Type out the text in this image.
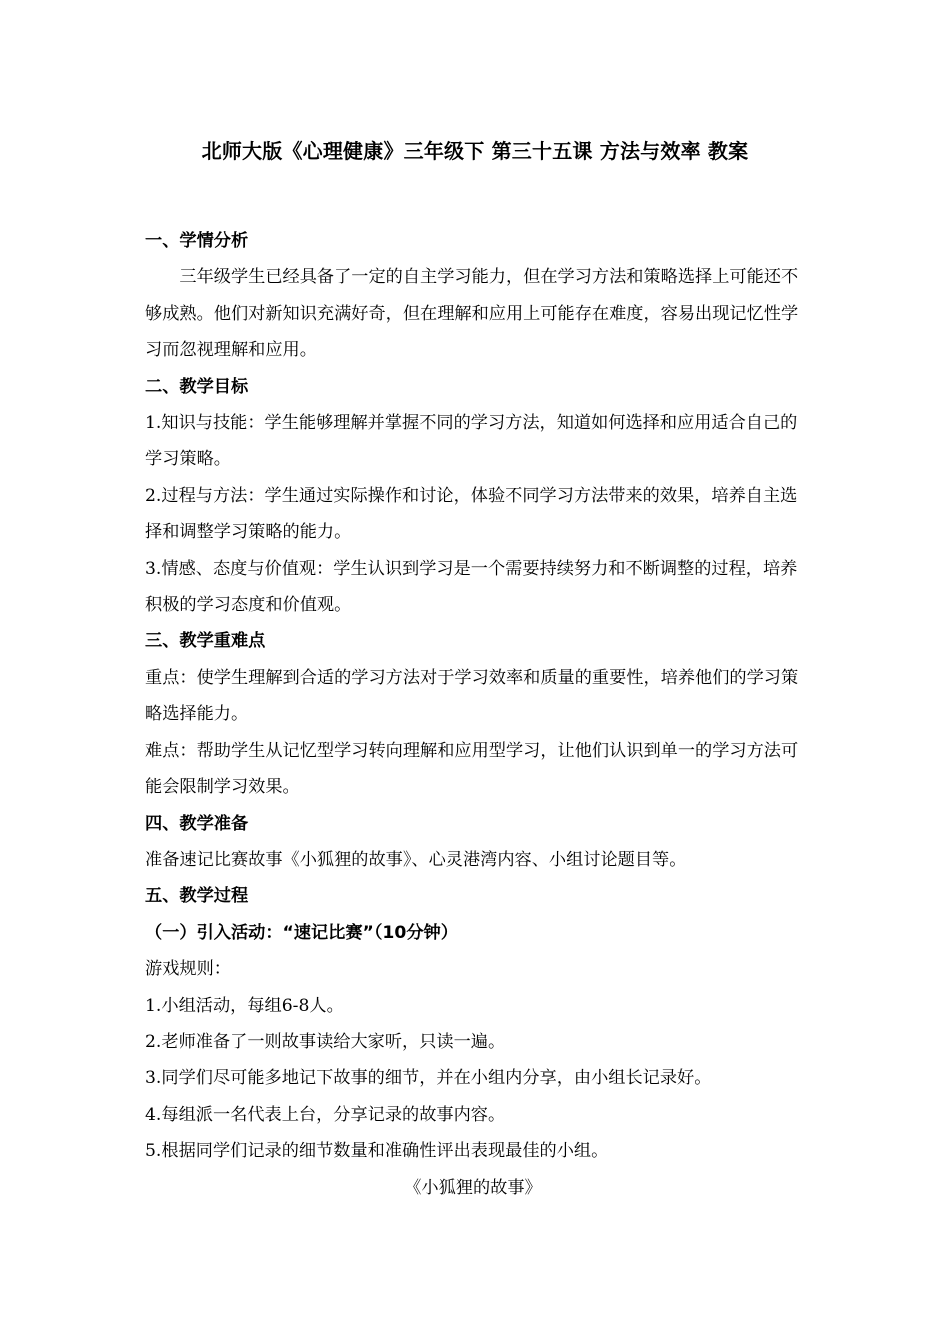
北师大版《心理健康》三年级下 第三十五课 方法与效率 教案

一、学情分析

三年级学生已经具备了一定的自主学习能力，但在学习方法和策略选择上可能还不够成熟。他们对新知识充满好奇，但在理解和应用上可能存在难度，容易出现记忆性学习而忽视理解和应用。

二、教学目标

1.知识与技能：学生能够理解并掌握不同的学习方法，知道如何选择和应用适合自己的学习策略。

2.过程与方法：学生通过实际操作和讨论，体验不同学习方法带来的效果，培养自主选择和调整学习策略的能力。

3.情感、态度与价值观：学生认识到学习是一个需要持续努力和不断调整的过程，培养积极的学习态度和价值观。

三、教学重难点

重点：使学生理解到合适的学习方法对于学习效率和质量的重要性，培养他们的学习策略选择能力。

难点：帮助学生从记忆型学习转向理解和应用型学习，让他们认识到单一的学习方法可能会限制学习效果。

四、教学准备

准备速记比赛故事《小狐狸的故事》、心灵港湾内容、小组讨论题目等。

五、教学过程

（一）引入活动：“速记比赛”（10分钟）

游戏规则：

1.小组活动，每组6-8人。

2.老师准备了一则故事读给大家听，只读一遍。

3.同学们尽可能多地记下故事的细节，并在小组内分享，由小组长记录好。

4.每组派一名代表上台，分享记录的故事内容。

5.根据同学们记录的细节数量和准确性评出表现最佳的小组。

《小狐狸的故事》
